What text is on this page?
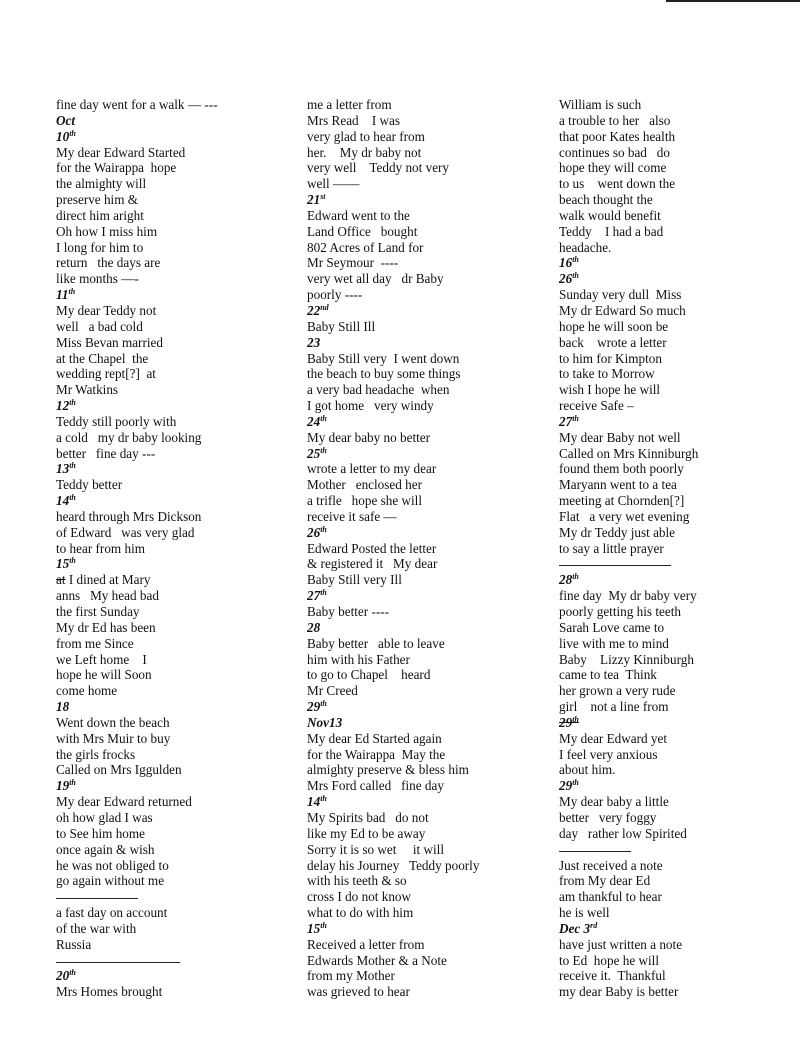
fine day went for a walk — ---
Oct
10th
My dear Edward Started
for the Wairappa  hope
the almighty will
preserve him &
direct him aright
Oh how I miss him
I long for him to
return   the days are
like months —-
11th
My dear Teddy not
well   a bad cold
Miss Bevan married
at the Chapel  the
wedding rept[?]  at
Mr Watkins
12th
Teddy still poorly with
a cold   my dr baby looking
better   fine day ---
13th
Teddy better
14th
heard through Mrs Dickson
of Edward   was very glad
to hear from him
15th
at I dined at Mary
anns   My head bad
the first Sunday
My dr Ed has been
from me Since
we Left home    I
hope he will Soon
come home
18
Went down the beach
with Mrs Muir to buy
the girls frocks
Called on Mrs Iggulden
19th
My dear Edward returned
oh how glad I was
to See him home
once again & wish
he was not obliged to
go again without me
a fast day on account
of the war with
Russia
20th
Mrs Homes brought
me a letter from
Mrs Read    I was
very glad to hear from
her.    My dr baby not
very well    Teddy not very
well ——
21st
Edward went to the
Land Office   bought
802 Acres of Land for
Mr Seymour  ----
very wet all day   dr Baby
poorly ----
22nd
Baby Still Ill
23
Baby Still very  I went down
the beach to buy some things
a very bad headache  when
I got home   very windy
24th
My dear baby no better
25th
wrote a letter to my dear
Mother   enclosed her
a trifle   hope she will
receive it safe —
26th
Edward Posted the letter
& registered it   My dear
Baby Still very Ill
27th
Baby better ----
28
Baby better   able to leave
him with his Father
to go to Chapel    heard
Mr Creed
29th
Nov13
My dear Ed Started again
for the Wairappa  May the
almighty preserve & bless him
Mrs Ford called   fine day
14th
My Spirits bad   do not
like my Ed to be away
Sorry it is so wet     it will
delay his Journey   Teddy poorly
with his teeth & so
cross I do not know
what to do with him
15th
Received a letter from
Edwards Mother & a Note
from my Mother
was grieved to hear
William is such
a trouble to her   also
that poor Kates health
continues so bad   do
hope they will come
to us    went down the
beach thought the
walk would benefit
Teddy    I had a bad
headache.
16th
26th
Sunday very dull  Miss
My dr Edward So much
hope he will soon be
back    wrote a letter
to him for Kimpton
to take to Morrow
wish I hope he will
receive Safe –
27th
My dear Baby not well
Called on Mrs Kinniburgh
found them both poorly
Maryann went to a tea
meeting at Chornden[?]
Flat   a very wet evening
My dr Teddy just able
to say a little prayer
28th
fine day  My dr baby very
poorly getting his teeth
Sarah Love came to
live with me to mind
Baby    Lizzy Kinniburgh
came to tea  Think
her grown a very rude
girl    not a line from
29th
My dear Edward yet
I feel very anxious
about him.
29th
My dear baby a little
better   very foggy
day   rather low Spirited
Just received a note
from My dear Ed
am thankful to hear
he is well
Dec 3rd
have just written a note
to Ed  hope he will
receive it.  Thankful
my dear Baby is better
